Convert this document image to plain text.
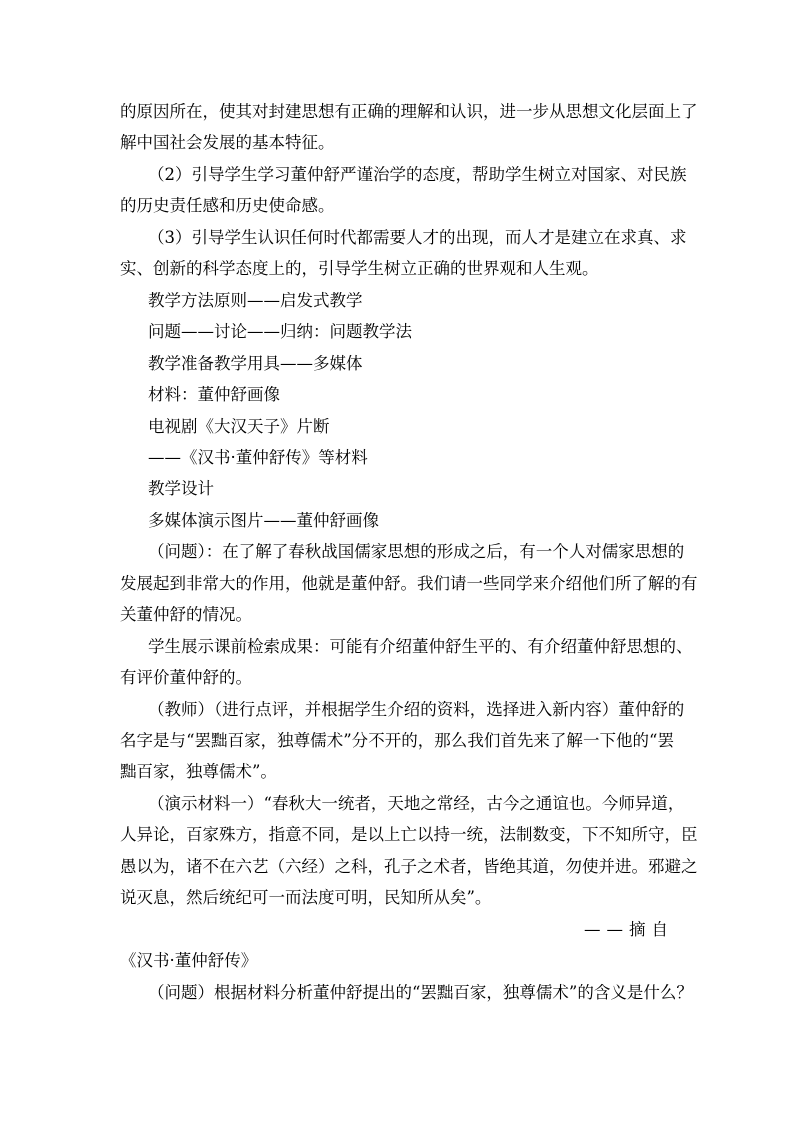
的原因所在，使其对封建思想有正确的理解和认识，进一步从思想文化层面上了
解中国社会发展的基本特征。
（2）引导学生学习董仲舒严谨治学的态度，帮助学生树立对国家、对民族
的历史责任感和历史使命感。
（3）引导学生认识任何时代都需要人才的出现，而人才是建立在求真、求
实、创新的科学态度上的，引导学生树立正确的世界观和人生观。
教学方法原则——启发式教学
问题——讨论——归纳：问题教学法
教学准备教学用具——多媒体
材料：董仲舒画像
电视剧《大汉天子》片断
——《汉书·董仲舒传》等材料
教学设计
多媒体演示图片——董仲舒画像
（问题）：在了解了春秋战国儒家思想的形成之后，有一个人对儒家思想的
发展起到非常大的作用，他就是董仲舒。我们请一些同学来介绍他们所了解的有
关董仲舒的情况。
学生展示课前检索成果：可能有介绍董仲舒生平的、有介绍董仲舒思想的、
有评价董仲舒的。
（教师）（进行点评，并根据学生介绍的资料，选择进入新内容）董仲舒的
名字是与“罢黜百家，独尊儒术”分不开的，那么我们首先来了解一下他的“罢
黜百家，独尊儒术”。
（演示材料一）“春秋大一统者，天地之常经，古今之通谊也。今师异道，
人异论，百家殊方，指意不同，是以上亡以持一统，法制数变，下不知所守，臣
愚以为，诸不在六艺（六经）之科，孔子之术者，皆绝其道，勿使并进。邪避之
说灭息，然后统纪可一而法度可明，民知所从矣”。
——摘自
《汉书·董仲舒传》
（问题）根据材料分析董仲舒提出的“罢黜百家，独尊儒术”的含义是什么？
